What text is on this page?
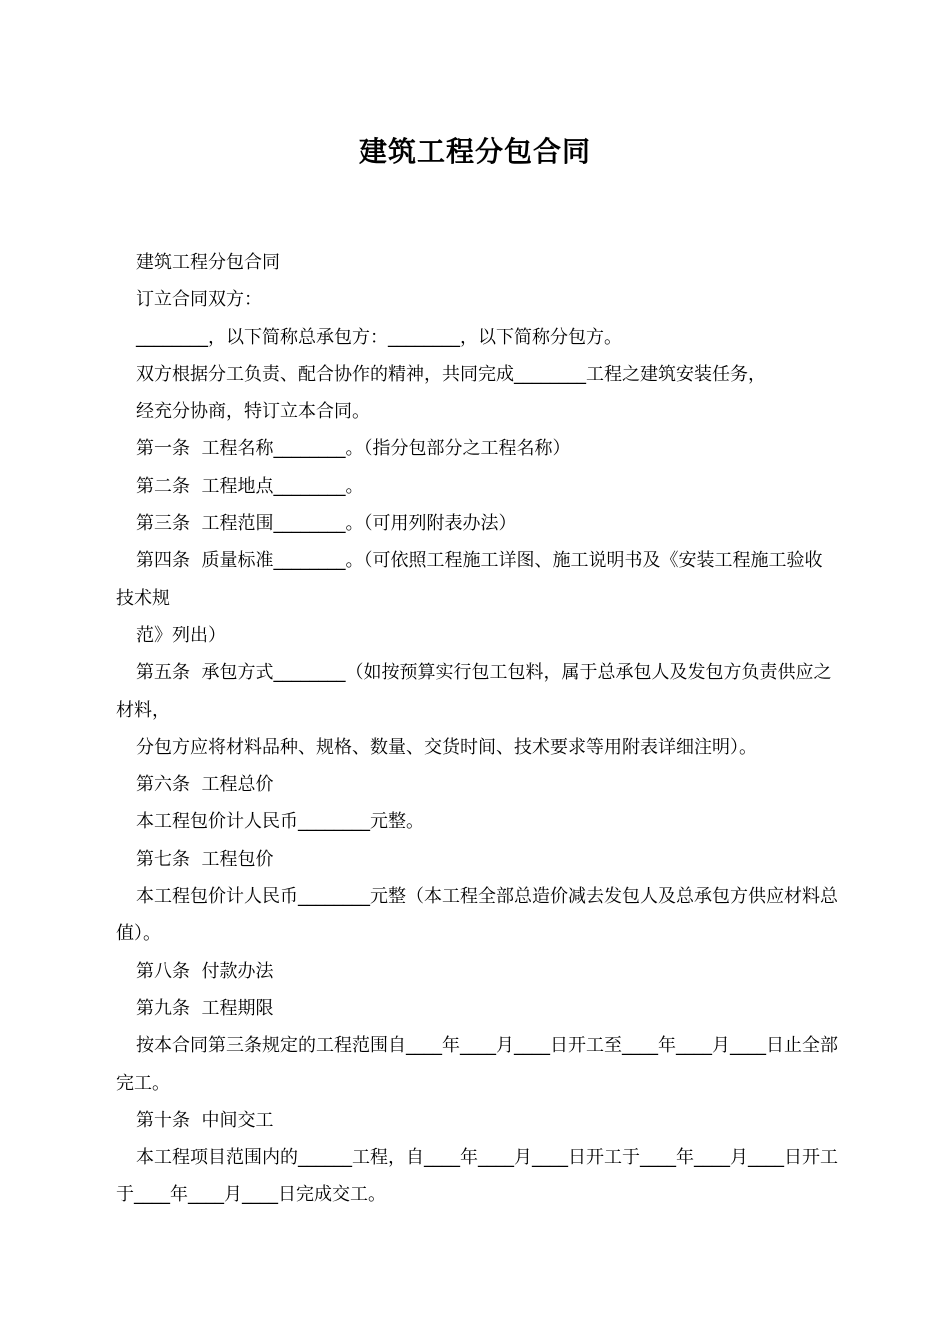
建筑工程分包合同

建筑工程分包合同

订立合同双方：

________，以下简称总承包方：________，以下简称分包方。

双方根据分工负责、配合协作的精神，共同完成________工程之建筑安装任务，

经充分协商，特订立本合同。

第一条  工程名称________。（指分包部分之工程名称）

第二条  工程地点________。

第三条  工程范围________。（可用列附表办法）

第四条  质量标准________。（可依照工程施工详图、施工说明书及《安装工程施工验收技术规

范》列出）

第五条  承包方式________（如按预算实行包工包料，属于总承包人及发包方负责供应之材料，

分包方应将材料品种、规格、数量、交货时间、技术要求等用附表详细注明）。

第六条  工程总价

本工程包价计人民币________元整。

第七条  工程包价

本工程包价计人民币________元整（本工程全部总造价减去发包人及总承包方供应材料总值）。

第八条  付款办法

第九条  工程期限

按本合同第三条规定的工程范围自____年____月____日开工至____年____月____日止全部完工。

第十条  中间交工

本工程项目范围内的______工程，自____年____月____日开工于____年____月____日开工于____年____月____日完成交工。
